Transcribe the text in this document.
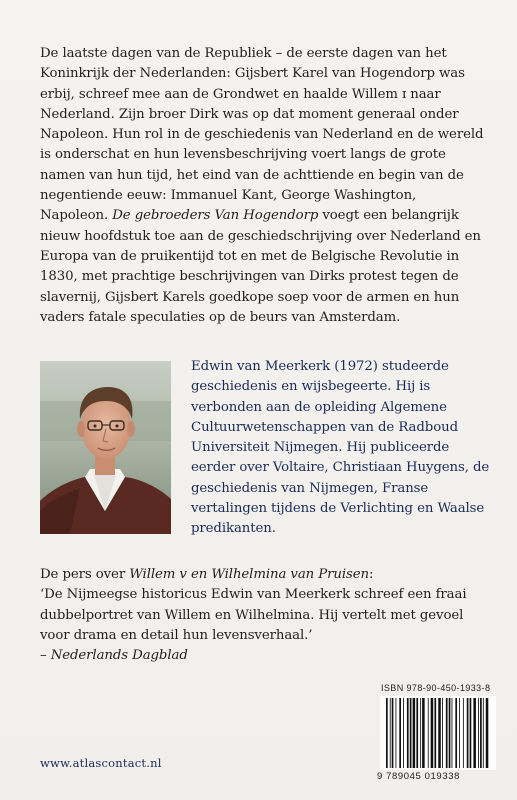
De laatste dagen van de Republiek – de eerste dagen van het Koninkrijk der Nederlanden: Gijsbert Karel van Hogendorp was erbij, schreef mee aan de Grondwet en haalde Willem ɪ naar Nederland. Zijn broer Dirk was op dat moment generaal onder Napoleon. Hun rol in de geschiedenis van Nederland en de wereld is onderschat en hun levensbeschrijving voert langs de grote namen van hun tijd, het eind van de achttiende en begin van de negentiende eeuw: Immanuel Kant, George Washington, Napoleon. De gebroeders Van Hogendorp voegt een belangrijk nieuw hoofdstuk toe aan de geschiedschrijving over Nederland en Europa van de pruikentijd tot en met de Belgische Revolutie in 1830, met prachtige beschrijvingen van Dirks protest tegen de slavernij, Gijsbert Karels goedkope soep voor de armen en hun vaders fatale speculaties op de beurs van Amsterdam.

Edwin van Meerkerk (1972) studeerde geschiedenis en wijsbegeerte. Hij is verbonden aan de opleiding Algemene Cultuurwetenschappen van de Radboud Universiteit Nijmegen. Hij publiceerde eerder over Voltaire, Christiaan Huygens, de geschiedenis van Nijmegen, Franse vertalingen tijdens de Verlichting en Waalse predikanten.

De pers over Willem v en Wilhelmina van Pruisen:
‘De Nijmeegse historicus Edwin van Meerkerk schreef een fraai dubbelportret van Willem en Wilhelmina. Hij vertelt met gevoel voor drama en detail hun levensverhaal.’
– Nederlands Dagblad

ISBN 978-90-450-1933-8
9 789045 019338
www.atlascontact.nl
